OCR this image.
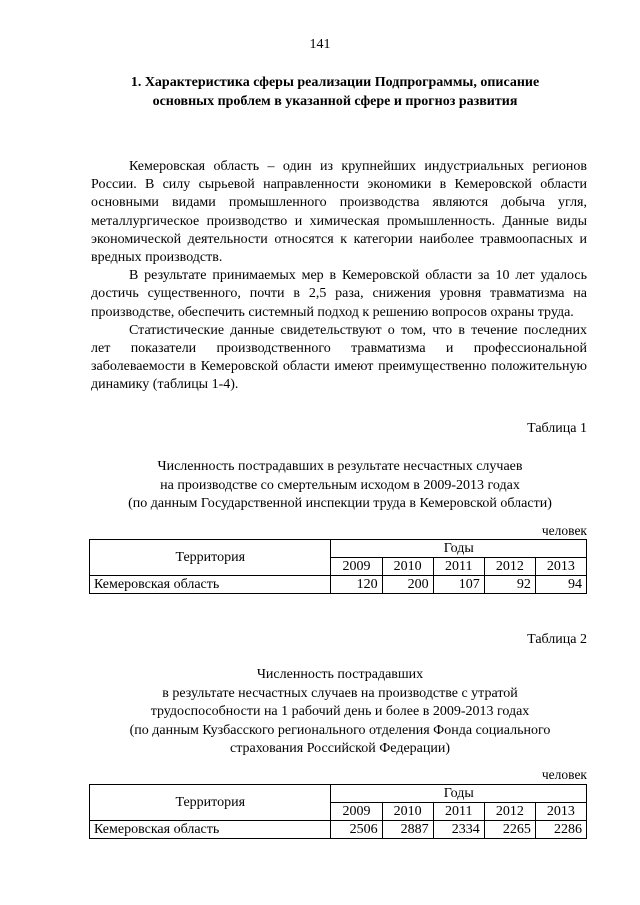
141
1. Характеристика сферы реализации Подпрограммы, описание
основных проблем в указанной сфере и прогноз развития

Кемеровская область – один из крупнейших индустриальных регионов России. В силу сырьевой направленности экономики в Кемеровской области основными видами промышленного производства являются добыча угля, металлургическое производство и химическая промышленность. Данные виды экономической деятельности относятся к категории наиболее травмоопасных и вредных производств.

В результате принимаемых мер в Кемеровской области за 10 лет удалось достичь существенного, почти в 2,5 раза, снижения уровня травматизма на производстве, обеспечить системный подход к решению вопросов охраны труда.

Статистические данные свидетельствуют о том, что в течение последних лет показатели производственного травматизма и профессиональной заболеваемости в Кемеровской области имеют преимущественно положительную динамику (таблицы 1-4).

Таблица 1
Численность пострадавших в результате несчастных случаев
на производстве со смертельным исходом в 2009-2013 годах
(по данным Государственной инспекции труда в Кемеровской области)
человек
Территория	Годы				
	2009	2010	2011	2012	2013
Кемеровская область	120	200	107	92	94
Таблица 2
Численность пострадавших
в результате несчастных случаев на производстве с утратой
трудоспособности на 1 рабочий день и более в 2009-2013 годах
(по данным Кузбасского регионального отделения Фонда социального
страхования Российской Федерации)
человек
Территория	Годы				
	2009	2010	2011	2012	2013
Кемеровская область	2506	2887	2334	2265	2286
